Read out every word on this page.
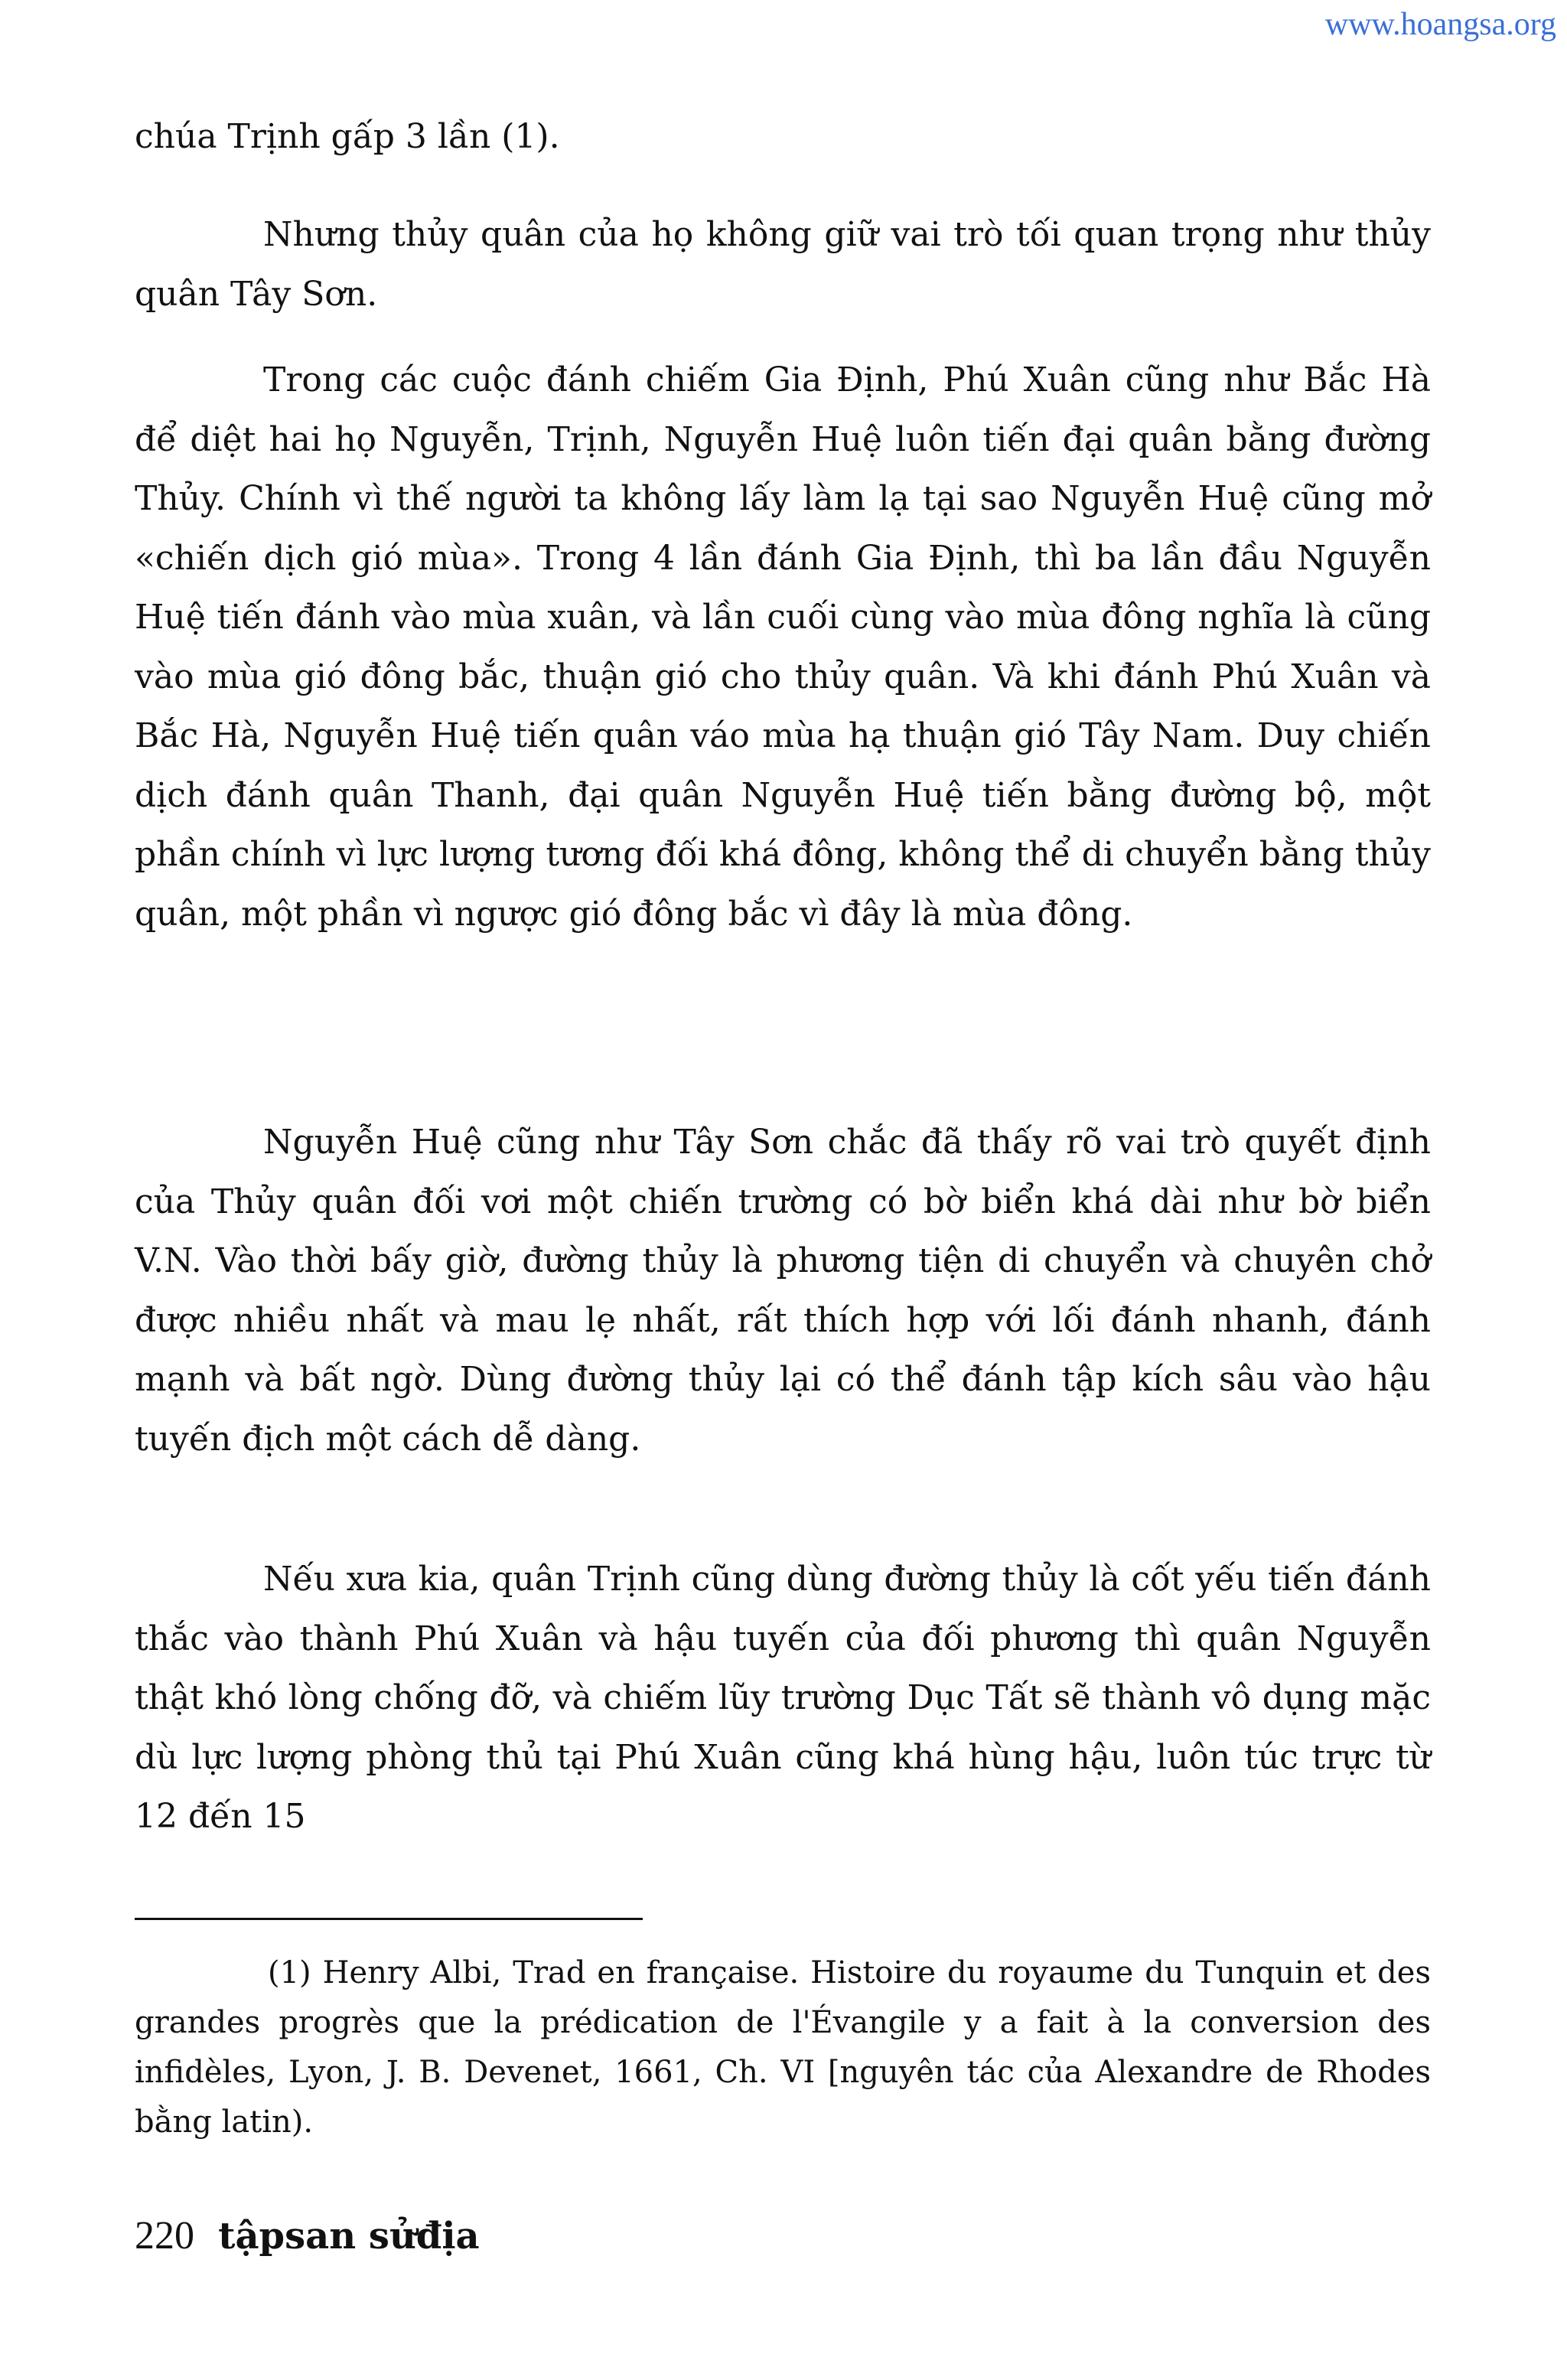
www.hoangsa.org
chúa Trịnh gấp 3 lần (1).

Nhưng thủy quân của họ không giữ vai trò tối quan trọng như thủy quân Tây Sơn.

Trong các cuộc đánh chiếm Gia Định, Phú Xuân cũng như Bắc Hà để diệt hai họ Nguyễn, Trịnh, Nguyễn Huệ luôn tiến đại quân bằng đường Thủy. Chính vì thế người ta không lấy làm lạ tại sao Nguyễn Huệ cũng mở «chiến dịch gió mùa». Trong 4 lần đánh Gia Định, thì ba lần đầu Nguyễn Huệ tiến đánh vào mùa xuân, và lần cuối cùng vào mùa đông nghĩa là cũng vào mùa gió đông bắc, thuận gió cho thủy quân. Và khi đánh Phú Xuân và Bắc Hà, Nguyễn Huệ tiến quân váo mùa hạ thuận gió Tây Nam. Duy chiến dịch đánh quân Thanh, đại quân Nguyễn Huệ tiến bằng đường bộ, một phần chính vì lực lượng tương đối khá đông, không thể di chuyển bằng thủy quân, một phần vì ngược gió đông bắc vì đây là mùa đông.

Nguyễn Huệ cũng như Tây Sơn chắc đã thấy rõ vai trò quyết định của Thủy quân đối vơi một chiến trường có bờ biển khá dài như bờ biển V.N. Vào thời bấy giờ, đường thủy là phương tiện di chuyển và chuyên chở được nhiều nhất và mau lẹ nhất, rất thích hợp với lối đánh nhanh, đánh mạnh và bất ngờ. Dùng đường thủy lại có thể đánh tập kích sâu vào hậu tuyến địch một cách dễ dàng.

Nếu xưa kia, quân Trịnh cũng dùng đường thủy là cốt yếu tiến đánh thắc vào thành Phú Xuân và hậu tuyến của đối phương thì quân Nguyễn thật khó lòng chống đỡ, và chiếm lũy trường Dục Tất sẽ thành vô dụng mặc dù lực lượng phòng thủ tại Phú Xuân cũng khá hùng hậu, luôn túc trực từ 12 đến 15

(1) Henry Albi, Trad en française. Histoire du royaume du Tunquin et des grandes progrès que la prédication de l'Évangile y a fait à la conversion des infidèles, Lyon, J. B. Devenet, 1661, Ch. VI [nguyên tác của Alexandre de Rhodes bằng latin).

220 tậpsan sửđịa
